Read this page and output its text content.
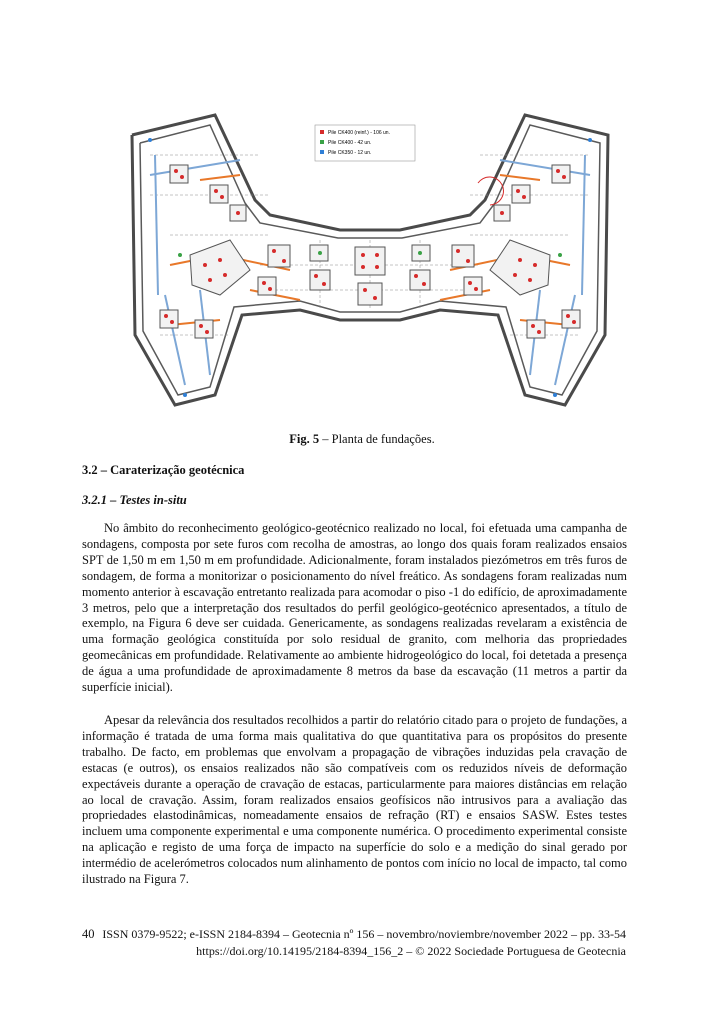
Pile CK400 (reinf.) - 106 un.
Pile CK400 - 42 un.
Pile CK350 - 12 un.
Fig. 5 – Planta de fundações.
3.2 – Caraterização geotécnica
3.2.1 – Testes in-situ

No âmbito do reconhecimento geológico-geotécnico realizado no local, foi efetuada uma campanha de sondagens, composta por sete furos com recolha de amostras, ao longo dos quais foram realizados ensaios SPT de 1,50 m em 1,50 m em profundidade. Adicionalmente, foram instalados piezómetros em três furos de sondagem, de forma a monitorizar o posicionamento do nível freático. As sondagens foram realizadas num momento anterior à escavação entretanto realizada para acomodar o piso -1 do edifício, de aproximadamente 3 metros, pelo que a interpretação dos resultados do perfil geológico-geotécnico apresentados, a título de exemplo, na Figura 6 deve ser cuidada. Genericamente, as sondagens realizadas revelaram a existência de uma formação geológica constituída por solo residual de granito, com melhoria das propriedades geomecânicas em profundidade. Relativamente ao ambiente hidrogeológico do local, foi detetada a presença de água a uma profundidade de aproximadamente 8 metros da base da escavação (11 metros a partir da superfície inicial).

Apesar da relevância dos resultados recolhidos a partir do relatório citado para o projeto de fundações, a informação é tratada de uma forma mais qualitativa do que quantitativa para os propósitos do presente trabalho. De facto, em problemas que envolvam a propagação de vibrações induzidas pela cravação de estacas (e outros), os ensaios realizados não são compatíveis com os reduzidos níveis de deformação expectáveis durante a operação de cravação de estacas, particularmente para maiores distâncias em relação ao local de cravação. Assim, foram realizados ensaios geofísicos não intrusivos para a avaliação das propriedades elastodinâmicas, nomeadamente ensaios de refração (RT) e ensaios SASW. Estes testes incluem uma componente experimental e uma componente numérica. O procedimento experimental consiste na aplicação e registo de uma força de impacto na superfície do solo e a medição do sinal gerado por intermédio de acelerómetros colocados num alinhamento de pontos com início no local de impacto, tal como ilustrado na Figura 7.

40 ISSN 0379-9522; e-ISSN 2184-8394 – Geotecnia nº 156 – novembro/noviembre/november 2022 – pp. 33-54
https://doi.org/10.14195/2184-8394_156_2 – © 2022 Sociedade Portuguesa de Geotecnia
